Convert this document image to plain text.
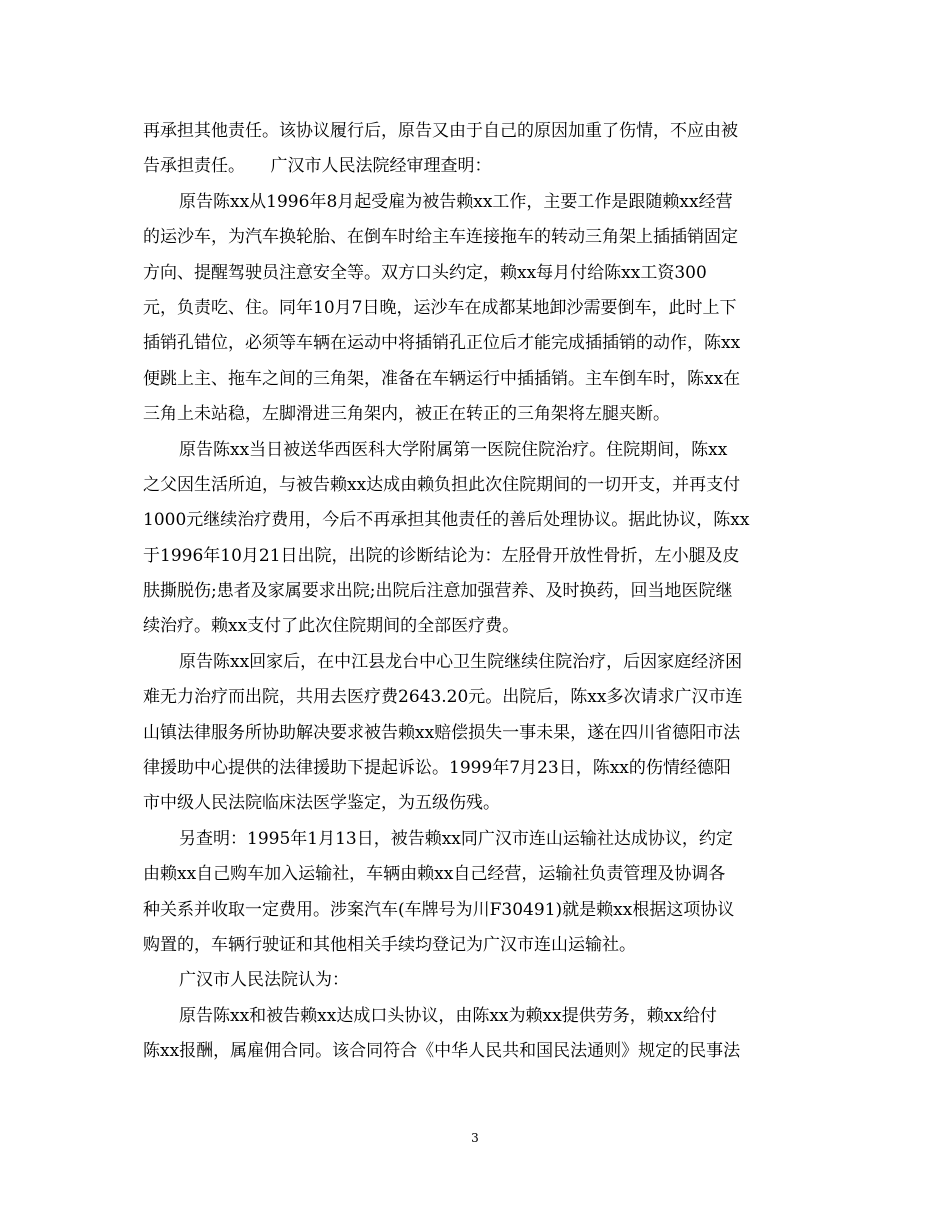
再承担其他责任。该协议履行后，原告又由于自己的原因加重了伤情，不应由被
告承担责任。　　广汉市人民法院经审理查明：
原告陈xx从1996年8月起受雇为被告赖xx工作，主要工作是跟随赖xx经营
的运沙车，为汽车换轮胎、在倒车时给主车连接拖车的转动三角架上插插销固定
方向、提醒驾驶员注意安全等。双方口头约定，赖xx每月付给陈xx工资300
元，负责吃、住。同年10月7日晚，运沙车在成都某地卸沙需要倒车，此时上下
插销孔错位，必须等车辆在运动中将插销孔正位后才能完成插插销的动作，陈xx
便跳上主、拖车之间的三角架，准备在车辆运行中插插销。主车倒车时，陈xx在
三角上未站稳，左脚滑进三角架内，被正在转正的三角架将左腿夹断。
原告陈xx当日被送华西医科大学附属第一医院住院治疗。住院期间，陈xx
之父因生活所迫，与被告赖xx达成由赖负担此次住院期间的一切开支，并再支付
1000元继续治疗费用，今后不再承担其他责任的善后处理协议。据此协议，陈xx
于1996年10月21日出院，出院的诊断结论为：左胫骨开放性骨折，左小腿及皮
肤撕脱伤;患者及家属要求出院;出院后注意加强营养、及时换药，回当地医院继
续治疗。赖xx支付了此次住院期间的全部医疗费。
原告陈xx回家后，在中江县龙台中心卫生院继续住院治疗，后因家庭经济困
难无力治疗而出院，共用去医疗费2643.20元。出院后，陈xx多次请求广汉市连
山镇法律服务所协助解决要求被告赖xx赔偿损失一事未果，遂在四川省德阳市法
律援助中心提供的法律援助下提起诉讼。1999年7月23日，陈xx的伤情经德阳
市中级人民法院临床法医学鉴定，为五级伤残。
另查明：1995年1月13日，被告赖xx同广汉市连山运输社达成协议，约定
由赖xx自己购车加入运输社，车辆由赖xx自己经营，运输社负责管理及协调各
种关系并收取一定费用。涉案汽车(车牌号为川F30491)就是赖xx根据这项协议
购置的，车辆行驶证和其他相关手续均登记为广汉市连山运输社。
广汉市人民法院认为：
原告陈xx和被告赖xx达成口头协议，由陈xx为赖xx提供劳务，赖xx给付
陈xx报酬，属雇佣合同。该合同符合《中华人民共和国民法通则》规定的民事法
3
